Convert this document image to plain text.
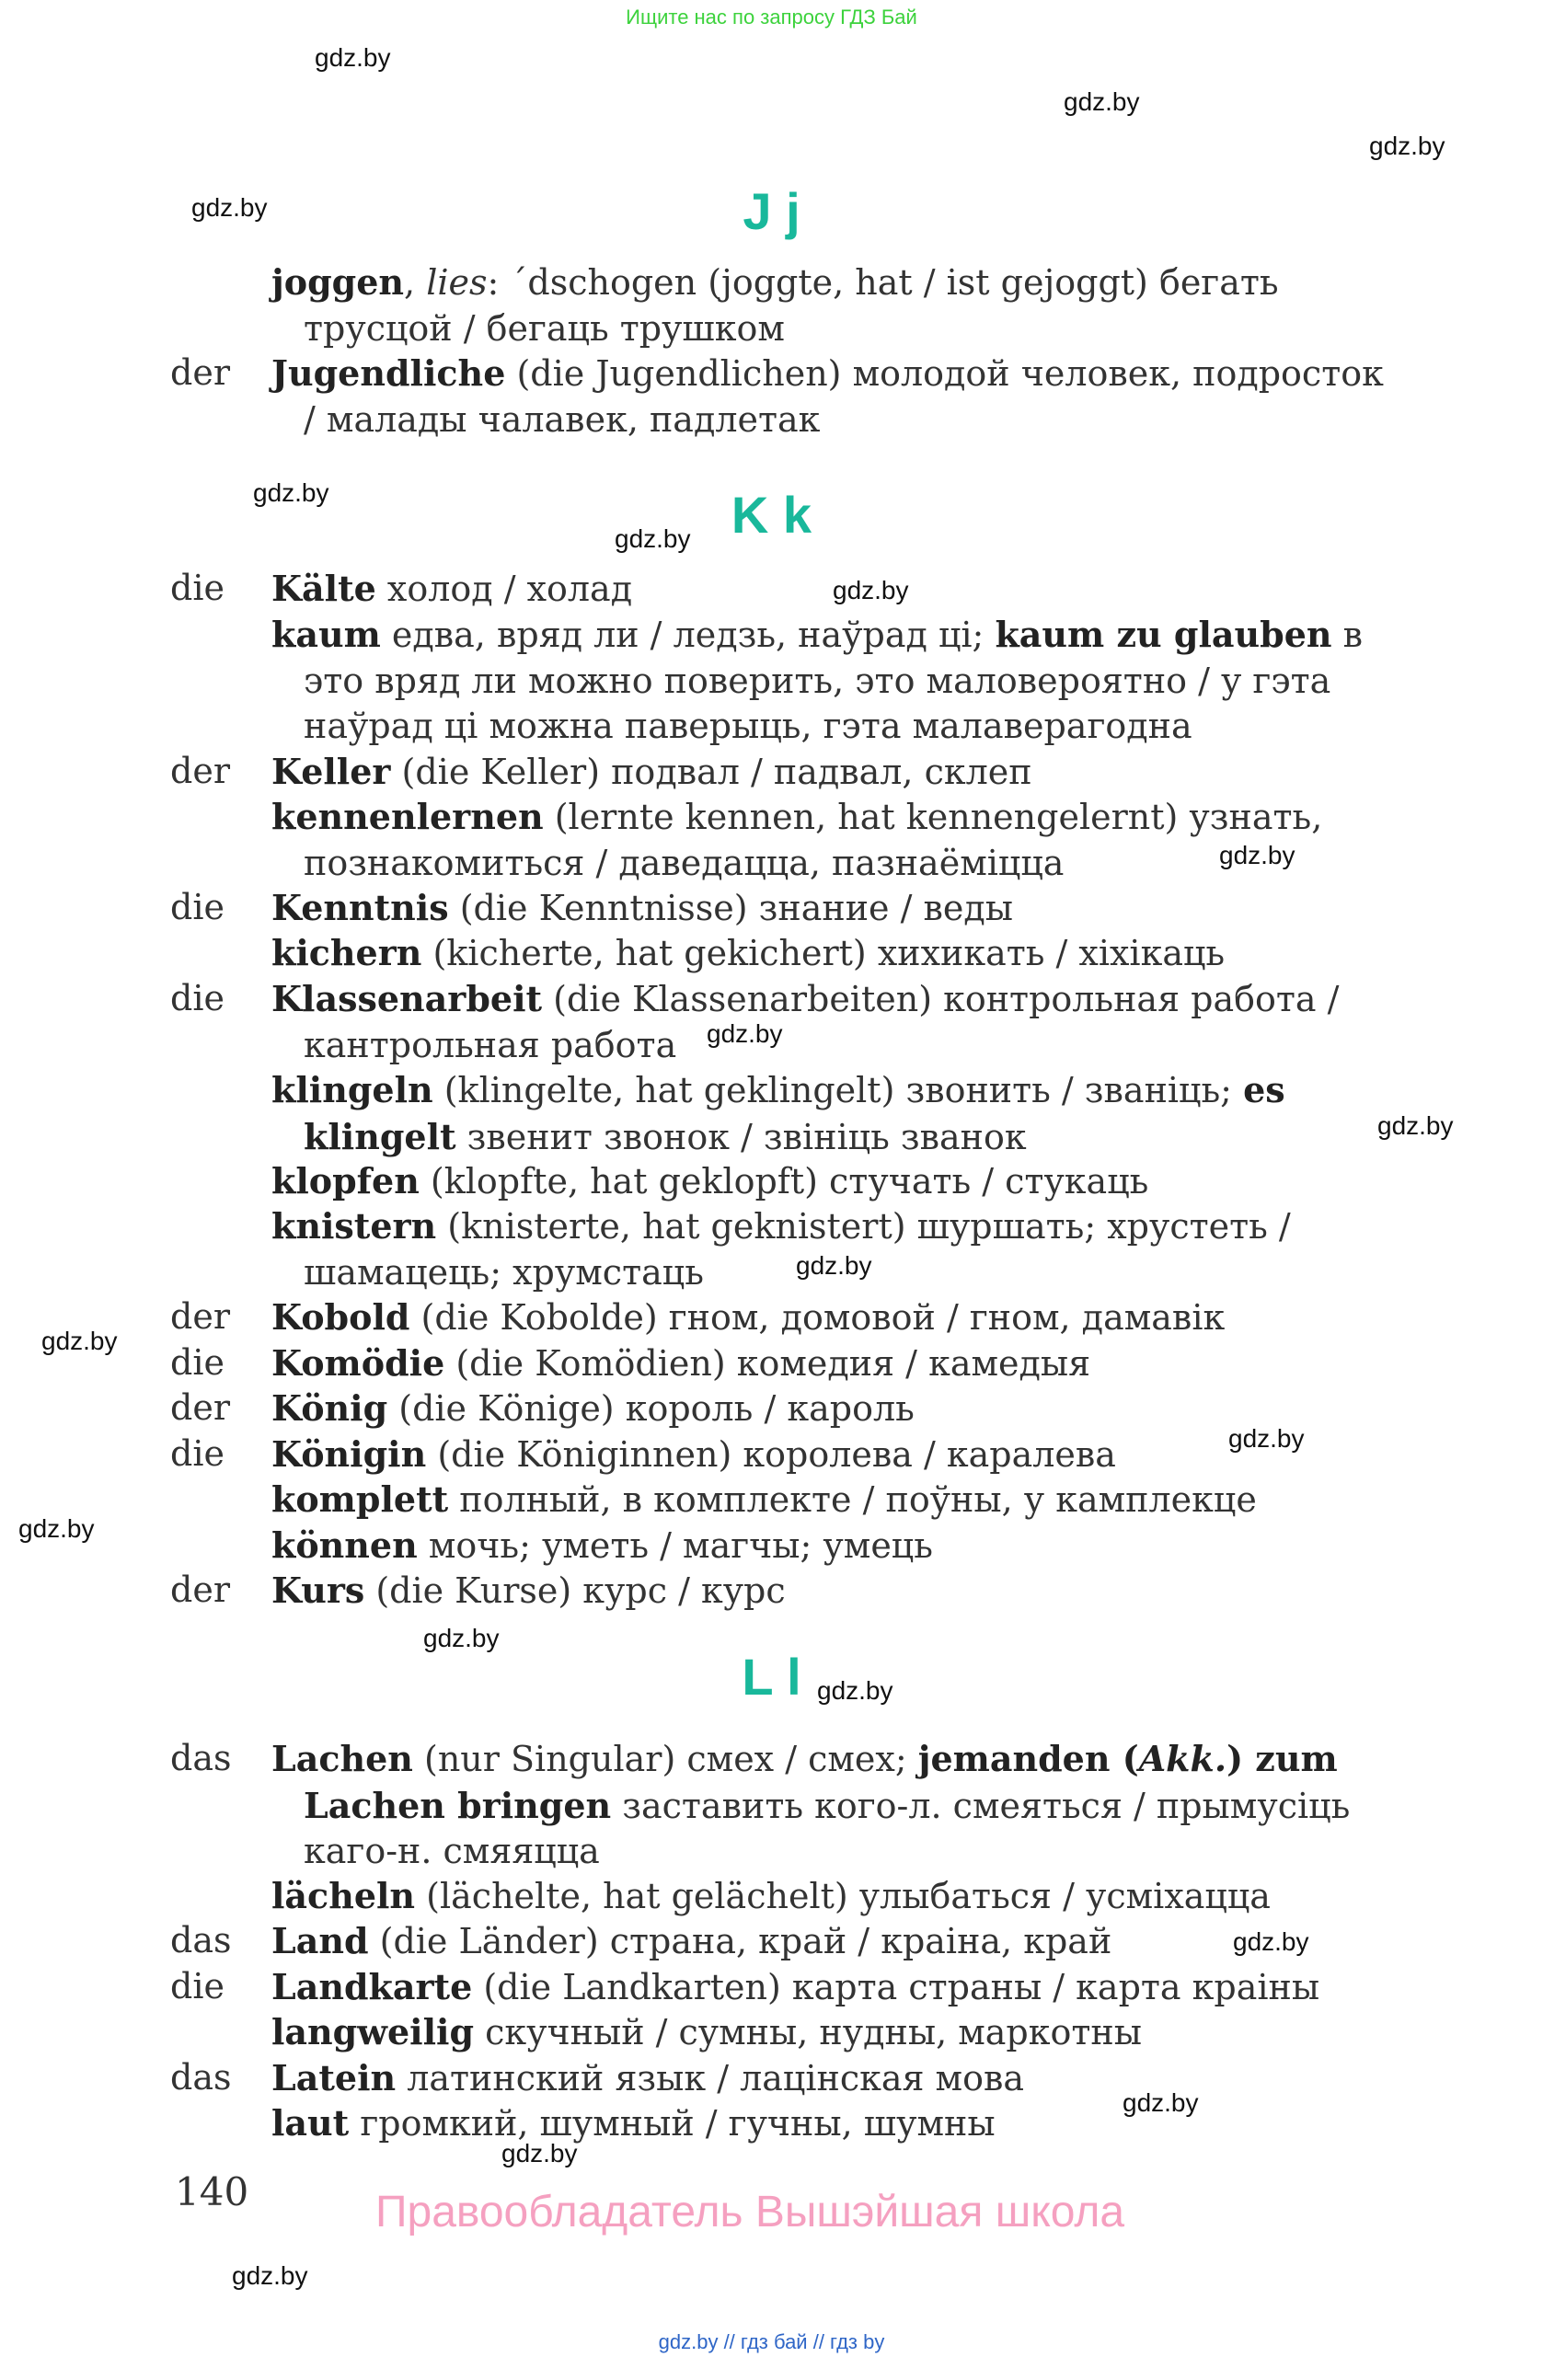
Ищите нас по запросу ГДЗ Бай
gdz.by
gdz.by
gdz.by
gdz.by
gdz.by
gdz.by
gdz.by
gdz.by
gdz.by
gdz.by
gdz.by
gdz.by
gdz.by
gdz.by
gdz.by
gdz.by
gdz.by
gdz.by
gdz.by
gdz.by
J j
K k
L l
joggen, lies: ´dschogen (joggte, hat / ist gejoggt) бегать трусцой / бегаць трушком
der Jugendliche (die Jugendlichen) молодой человек, подросток / малады чалавек, падлетак
die Kälte холод / холад
kaum едва, вряд ли / ледзь, наўрад ці; kaum zu glauben в это вряд ли можно поверить, это маловероятно / у гэта наўрад ці можна паверыць, гэта малаверагодна
der Keller (die Keller) подвал / падвал, склеп
kennenlernen (lernte kennen, hat kennengelernt) узнать, познакомиться / даведацца, пазнаёміцца
die Kenntnis (die Kenntnisse) знание / веды
kichern (kicherte, hat gekichert) хихикать / хіхікаць
die Klassenarbeit (die Klassenarbeiten) контрольная работа / кантрольная работа
klingeln (klingelte, hat geklingelt) звонить / званіць; es klingelt звенит звонок / звініць званок
klopfen (klopfte, hat geklopft) стучать / стукаць
knistern (knisterte, hat geknistert) шуршать; хрустеть / шамацець; хрумстаць
der Kobold (die Kobolde) гном, домовой / гном, дамавік
die Komödie (die Komödien) комедия / камедыя
der König (die Könige) король / кароль
die Königin (die Königinnen) королева / каралева
komplett полный, в комплекте / поўны, у камплекце
können мочь; уметь / магчы; умець
der Kurs (die Kurse) курс / курс
das Lachen (nur Singular) смех / смех; jemanden (Akk.) zum Lachen bringen заставить кого-л. смеяться / прымусіць каго-н. смяяцца
lächeln (lächelte, hat gelächelt) улыбаться / усміхацца
das Land (die Länder) страна, край / краіна, край
die Landkarte (die Landkarten) карта страны / карта краіны
langweilig скучный / сумны, нудны, маркотны
das Latein латинский язык / лацінская мова
laut громкий, шумный / гучны, шумны
140	Правообладатель Вышэйшая школа
gdz.by // гдз бай // гдз by
